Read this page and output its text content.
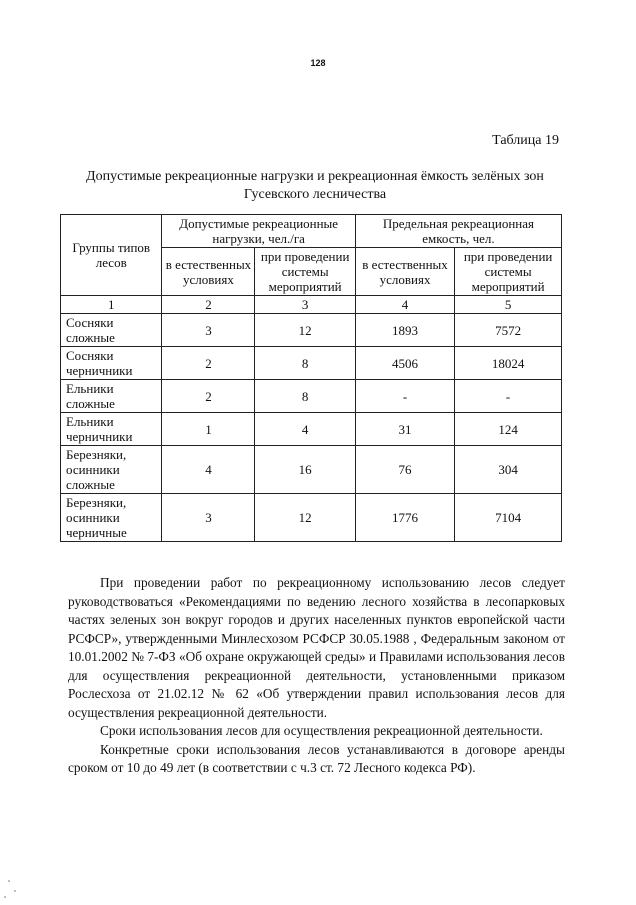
128
Таблица 19
Допустимые рекреационные нагрузки и рекреационная ёмкость зелёных зон
Гусевского лесничества
Группы типов лесов	Допустимые рекреационные нагрузки, чел./га		Предельная рекреационная емкость, чел.	
	в естественных условиях	при проведении системы мероприятий	в естественных условиях	при проведении системы мероприятий
1	2	3	4	5
Сосняки сложные	3	12	1893	7572
Сосняки черничники	2	8	4506	18024
Ельники сложные	2	8	-	-
Ельники черничники	1	4	31	124
Березняки, осинники сложные	4	16	76	304
Березняки, осинники черничные	3	12	1776	7104

При проведении работ по рекреационному использованию лесов следует руководствоваться «Рекомендациями по ведению лесного хозяйства в лесопарковых частях зеленых зон вокруг городов и других населенных пунктов европейской части РСФСР», утвержденными Минлесхозом РСФСР 30.05.1988 , Федеральным законом от 10.01.2002 № 7-ФЗ «Об охране окружающей среды» и Правилами использования лесов для осуществления рекреационной деятельности, установленными приказом Рослесхоза от 21.02.12 № 62 «Об утверждении правил использования лесов для осуществления рекреационной деятельности.

Сроки использования лесов для осуществления рекреационной деятельности.

Конкретные сроки использования лесов устанавливаются в договоре аренды сроком от 10 до 49 лет (в соответствии с ч.3 ст. 72 Лесного кодекса РФ).
